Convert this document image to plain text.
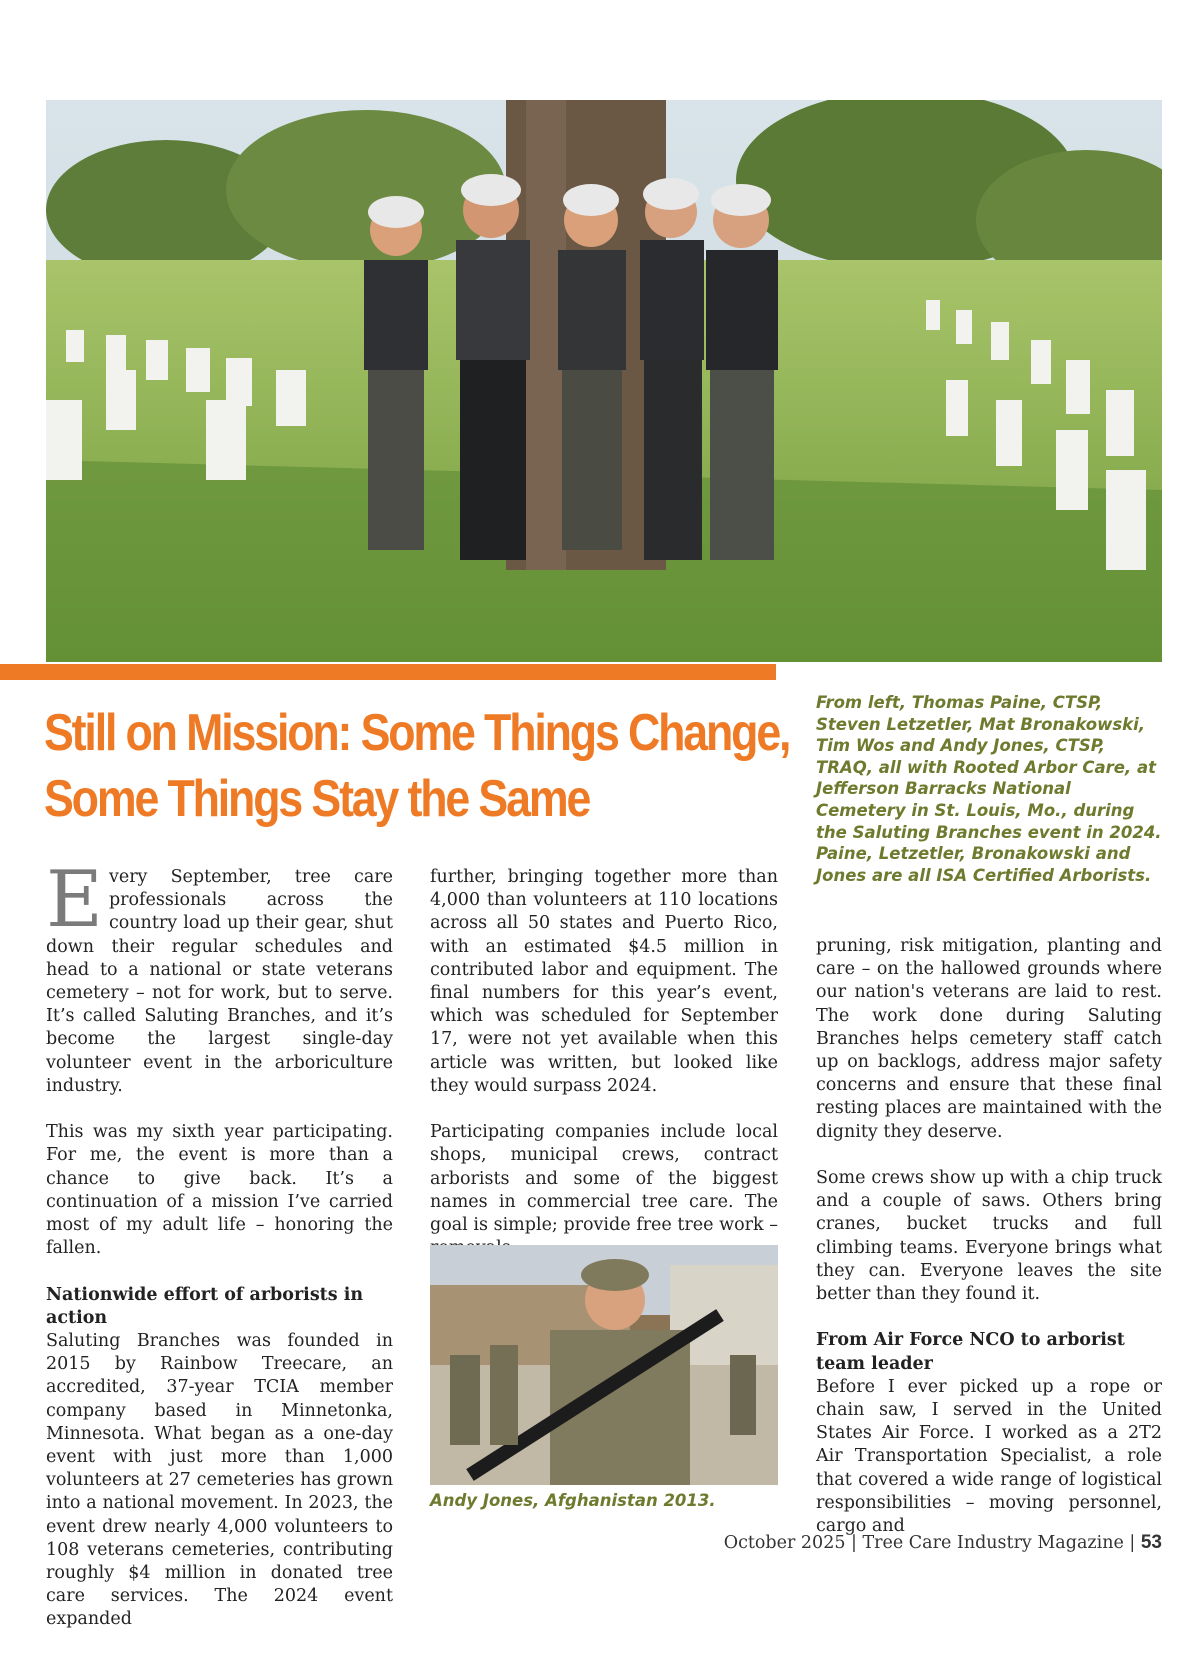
Still on Mission: Some Things Change,
Some Things Stay the Same
From left, Thomas Paine, CTSP, Steven Letzetler, Mat Bronakowski, Tim Wos and Andy Jones, CTSP, TRAQ, all with Rooted Arbor Care, at Jefferson Barracks National Cemetery in St. Louis, Mo., during the Saluting Branches event in 2024. Paine, Letzetler, Bronakowski and Jones are all ISA Certified Arborists.

Every September, tree care professionals across the country load up their gear, shut down their regular schedules and head to a national or state veterans cemetery – not for work, but to serve. It’s called Saluting Branches, and it’s become the largest single-day volunteer event in the arboriculture industry.

This was my sixth year participating. For me, the event is more than a chance to give back. It’s a continuation of a mission I’ve carried most of my adult life – honoring the fallen.

Nationwide effort of arborists in action

Saluting Branches was founded in 2015 by Rainbow Treecare, an accredited, 37-year TCIA member company based in Minnetonka, Minnesota. What began as a one-day event with just more than 1,000 volunteers at 27 cemeteries has grown into a national movement. In 2023, the event drew nearly 4,000 volunteers to 108 veterans cemeteries, contributing roughly $4 million in donated tree care services. The 2024 event expanded

further, bringing together more than 4,000 than volunteers at 110 locations across all 50 states and Puerto Rico, with an estimated $4.5 million in contributed labor and equipment. The final numbers for this year’s event, which was scheduled for September 17, were not yet available when this article was written, but looked like they would surpass 2024.

Participating companies include local shops, municipal crews, contract arborists and some of the biggest names in commercial tree care. The goal is simple; provide free tree work –

Andy Jones, Afghanistan 2013.

pruning, risk mitigation, planting and care – on the hallowed grounds where our nation's veterans are laid to rest. The work done during Saluting Branches helps cemetery staff catch up on backlogs, address major safety concerns and ensure that these final resting places are maintained with the dignity they deserve.

Some crews show up with a chip truck and a couple of saws. Others bring cranes, bucket trucks and full climbing teams. Everyone brings what they can. Everyone leaves the site better than they found it.

From Air Force NCO to arborist team leader

Before I ever picked up a rope or chain saw, I served in the United States Air Force. I worked as a 2T2 Air Transportation Specialist, a role that covered a wide range of logistical responsibilities – moving personnel, cargo and

October 2025 | Tree Care Industry Magazine | 53
